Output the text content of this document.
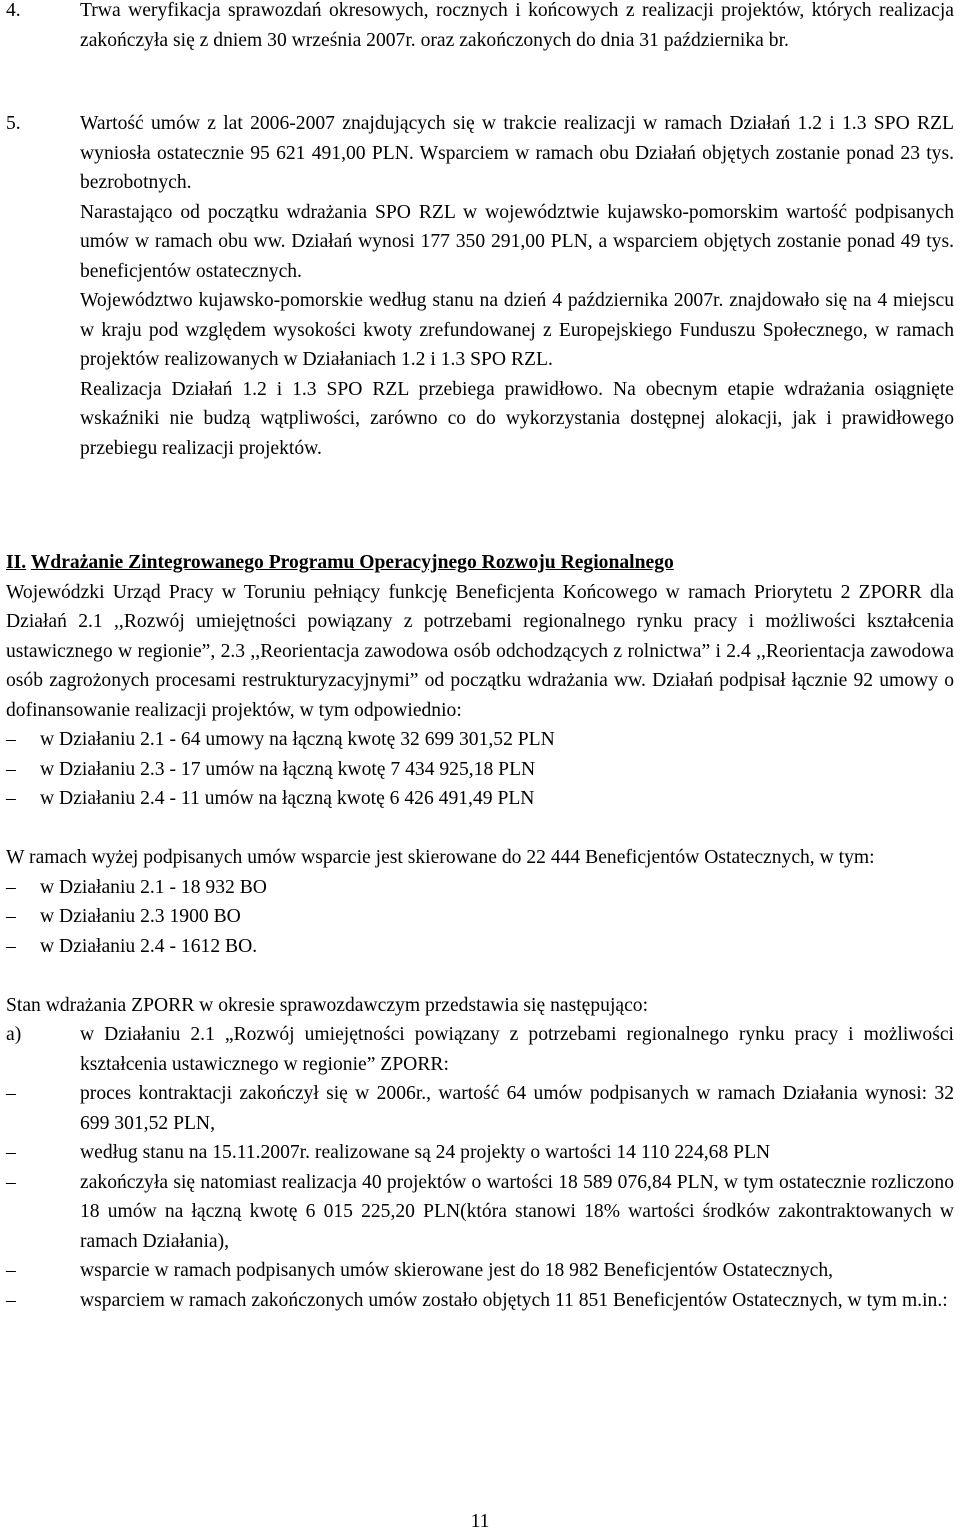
4.	Trwa weryfikacja sprawozdań okresowych, rocznych i końcowych z realizacji projektów, których realizacja zakończyła się z dniem 30 września 2007r. oraz zakończonych do dnia 31 października br.
5.	Wartość umów z lat 2006-2007 znajdujących się w trakcie realizacji w ramach Działań 1.2 i 1.3 SPO RZL wyniosła ostatecznie 95 621 491,00 PLN. Wsparciem w ramach obu Działań objętych zostanie ponad 23 tys. bezrobotnych.
Narastająco od początku wdrażania SPO RZL w województwie kujawsko-pomorskim wartość podpisanych umów w ramach obu ww. Działań wynosi 177 350 291,00 PLN, a wsparciem objętych zostanie ponad 49 tys. beneficjentów ostatecznych.
Województwo kujawsko-pomorskie według stanu na dzień 4 października 2007r. znajdowało się na 4 miejscu w kraju pod względem wysokości kwoty zrefundowanej z Europejskiego Funduszu Społecznego, w ramach projektów realizowanych w Działaniach 1.2 i 1.3 SPO RZL.
Realizacja Działań 1.2 i 1.3 SPO RZL przebiega prawidłowo. Na obecnym etapie wdrażania osiągnięte wskaźniki nie budzą wątpliwości, zarówno co do wykorzystania dostępnej alokacji, jak i prawidłowego przebiegu realizacji projektów.
II. Wdrażanie Zintegrowanego Programu Operacyjnego Rozwoju Regionalnego
Wojewódzki Urząd Pracy w Toruniu pełniący funkcję Beneficjenta Końcowego w ramach Priorytetu 2 ZPORR dla Działań 2.1 ,,Rozwój umiejętności powiązany z potrzebami regionalnego rynku pracy i możliwości kształcenia ustawicznego w regionie”, 2.3 ,,Reorientacja zawodowa osób odchodzących z rolnictwa” i 2.4 ,,Reorientacja zawodowa osób zagrożonych procesami restrukturyzacyjnymi” od początku wdrażania ww. Działań podpisał łącznie 92 umowy o dofinansowanie realizacji projektów, w tym odpowiednio:
– w Działaniu 2.1 - 64 umowy na łączną kwotę 32 699 301,52 PLN
– w Działaniu 2.3 - 17 umów na łączną kwotę 7 434 925,18 PLN
– w Działaniu 2.4 - 11 umów na łączną kwotę 6 426 491,49 PLN
W ramach wyżej podpisanych umów wsparcie jest skierowane do 22 444 Beneficjentów Ostatecznych, w tym:
– w Działaniu 2.1 - 18 932 BO
– w Działaniu 2.3 1900 BO
– w Działaniu 2.4 - 1612 BO.
Stan wdrażania ZPORR w okresie sprawozdawczym przedstawia się następująco:
a)	w Działaniu 2.1 „Rozwój umiejętności powiązany z potrzebami regionalnego rynku pracy i możliwości kształcenia ustawicznego w regionie” ZPORR:
–	proces kontraktacji zakończył się w 2006r., wartość 64 umów podpisanych w ramach Działania wynosi: 32 699 301,52 PLN,
–	według stanu na 15.11.2007r. realizowane są 24 projekty o wartości 14 110 224,68 PLN
–	zakończyła się natomiast realizacja 40 projektów o wartości 18 589 076,84 PLN, w tym ostatecznie rozliczono 18 umów na łączną kwotę 6 015 225,20 PLN(która stanowi 18% wartości środków zakontraktowanych w ramach Działania),
–	wsparcie w ramach podpisanych umów skierowane jest do 18 982 Beneficjentów Ostatecznych,
–	wsparciem w ramach zakończonych umów zostało objętych 11 851 Beneficjentów Ostatecznych, w tym m.in.:
11
